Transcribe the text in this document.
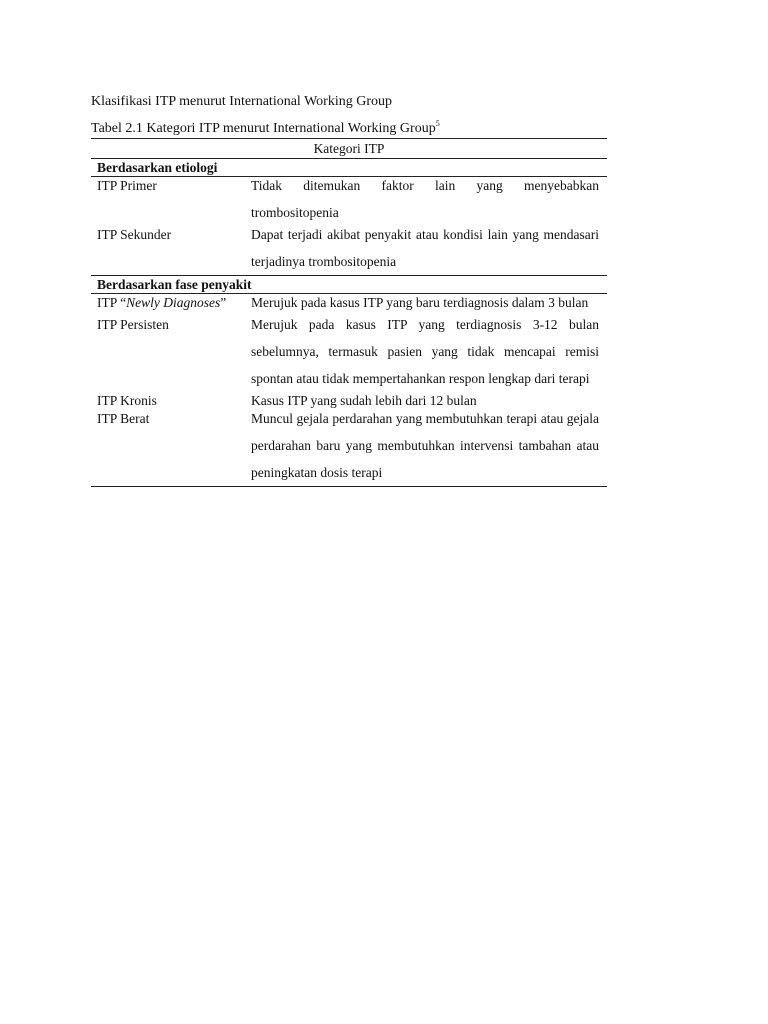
Klasifikasi ITP menurut International Working Group

Tabel 2.1 Kategori ITP menurut International Working Group$^5$

Kategori ITP	
Berdasarkan etiologi	
ITP Primer	Tidak ditemukan faktor lain yang menyebabkan trombositopenia

ITP Sekunder	Dapat terjadi akibat penyakit atau kondisi lain yang mendasari terjadinya trombositopenia

Berdasarkan fase penyakit	
ITP “Newly Diagnoses”	Merujuk pada kasus ITP yang baru terdiagnosis dalam 3 bulan

ITP Persisten	Merujuk pada kasus ITP yang terdiagnosis 3-12 bulan sebelumnya, termasuk pasien yang tidak mencapai remisi spontan atau tidak mempertahankan respon lengkap dari terapi

ITP Kronis	Kasus ITP yang sudah lebih dari 12 bulan
ITP Berat	Muncul gejala perdarahan yang membutuhkan terapi atau gejala perdarahan baru yang membutuhkan intervensi tambahan atau peningkatan dosis terapi
